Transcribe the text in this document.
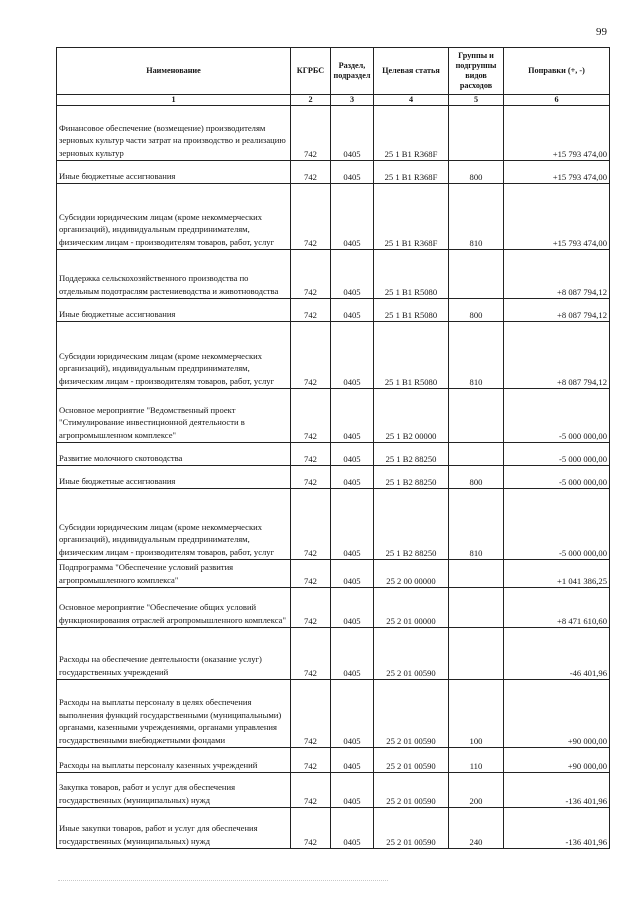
99
Наименование	КГРБС	Раздел, подраздел	Целевая статья	Группы и подгруппы видов расходов	Поправки (+, -)
1	2	3	4	5	6
Финансовое обеспечение (возмещение) производителям зерновых культур части затрат на производство и реализацию зерновых культур	742	0405	25 1 B1 R368F		+15 793 474,00
Иные бюджетные ассигнования	742	0405	25 1 B1 R368F	800	+15 793 474,00
Субсидии юридическим лицам (кроме некоммерческих организаций), индивидуальным предпринимателям, физическим лицам - производителям товаров, работ, услуг	742	0405	25 1 B1 R368F	810	+15 793 474,00
Поддержка сельскохозяйственного производства по отдельным подотраслям растениеводства и животноводства	742	0405	25 1 B1 R5080		+8 087 794,12
Иные бюджетные ассигнования	742	0405	25 1 B1 R5080	800	+8 087 794,12
Субсидии юридическим лицам (кроме некоммерческих организаций), индивидуальным предпринимателям, физическим лицам - производителям товаров, работ, услуг	742	0405	25 1 B1 R5080	810	+8 087 794,12
Основное мероприятие "Ведомственный проект "Стимулирование инвестиционной деятельности в агропромышленном комплексе"	742	0405	25 1 B2 00000		-5 000 000,00
Развитие молочного скотоводства	742	0405	25 1 B2 88250		-5 000 000,00
Иные бюджетные ассигнования	742	0405	25 1 B2 88250	800	-5 000 000,00
Субсидии юридическим лицам (кроме некоммерческих организаций), индивидуальным предпринимателям, физическим лицам - производителям товаров, работ, услуг	742	0405	25 1 B2 88250	810	-5 000 000,00
Подпрограмма "Обеспечение условий развития агропромышленного комплекса"	742	0405	25 2 00 00000		+1 041 386,25
Основное мероприятие "Обеспечение общих условий функционирования отраслей агропромышленного комплекса"	742	0405	25 2 01 00000		+8 471 610,60
Расходы на обеспечение деятельности (оказание услуг) государственных учреждений	742	0405	25 2 01 00590		-46 401,96
Расходы на выплаты персоналу в целях обеспечения выполнения функций государственными (муниципальными) органами, казенными учреждениями, органами управления государственными внебюджетными фондами	742	0405	25 2 01 00590	100	+90 000,00
Расходы на выплаты персоналу казенных учреждений	742	0405	25 2 01 00590	110	+90 000,00
Закупка товаров, работ и услуг для обеспечения государственных (муниципальных) нужд	742	0405	25 2 01 00590	200	-136 401,96
Иные закупки товаров, работ и услуг для обеспечения государственных (муниципальных) нужд	742	0405	25 2 01 00590	240	-136 401,96
